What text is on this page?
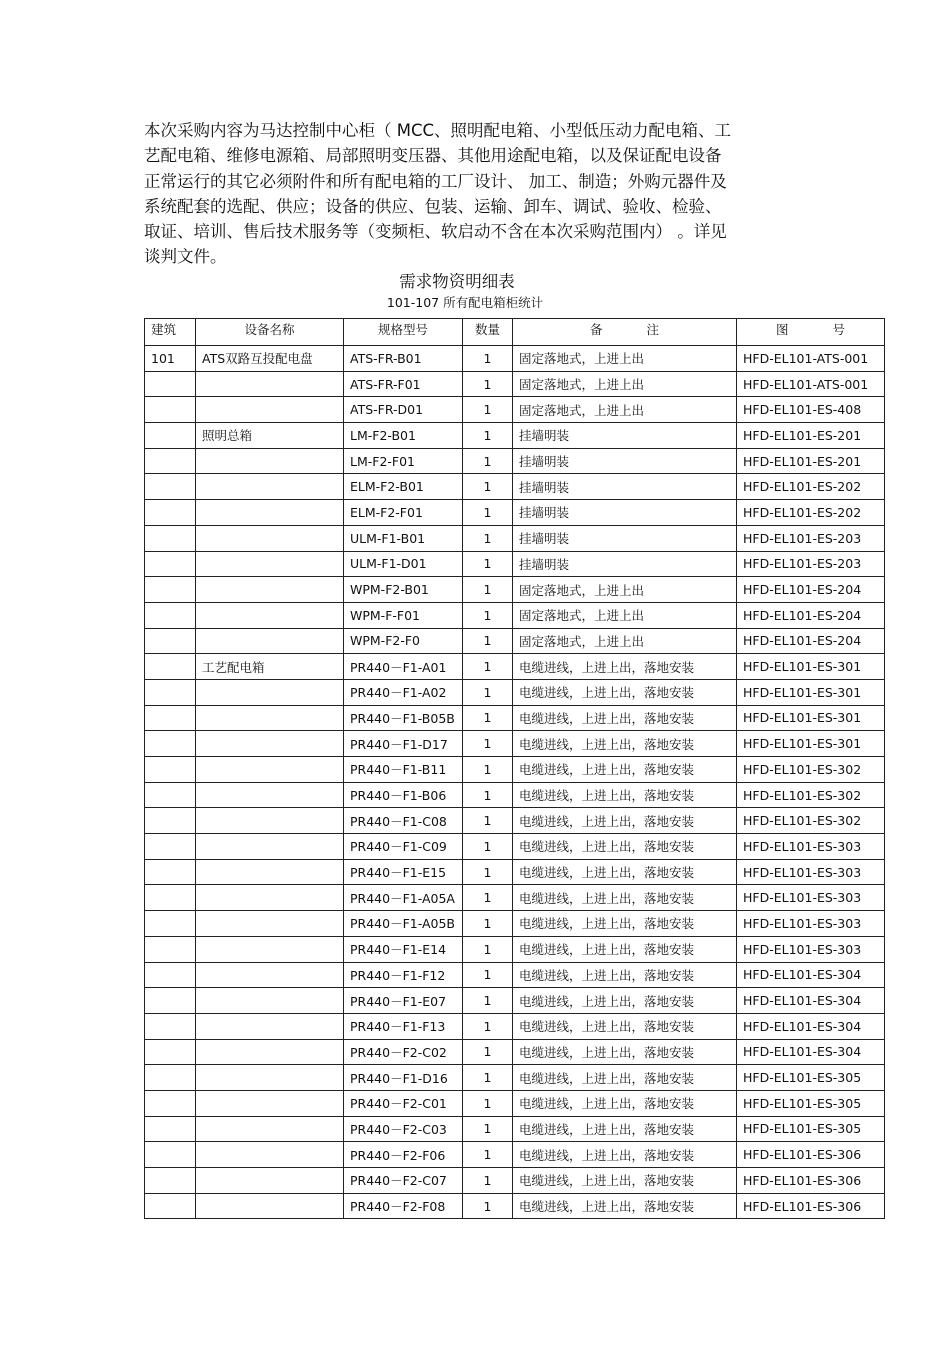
本次采购内容为马达控制中心柜（ MCC、照明配电箱、小型低压动力配电箱、工
艺配电箱、维修电源箱、局部照明变压器、其他用途配电箱，以及保证配电设备
正常运行的其它必须附件和所有配电箱的工厂设计、 加工、制造；外购元器件及
系统配套的选配、供应；设备的供应、包装、运输、卸车、调试、验收、检验、
取证、培训、售后技术服务等（变频柜、软启动不含在本次采购范围内） 。详见
谈判文件。
需求物资明细表
101-107 所有配电箱柜统计
建筑	设备名称	规格型号	数量	备 注	图 号
101	ATS双路互投配电盘	ATS-FR-B01	1	固定落地式，上进上出	HFD-EL101-ATS-001
		ATS-FR-F01	1	固定落地式，上进上出	HFD-EL101-ATS-001
		ATS-FR-D01	1	固定落地式，上进上出	HFD-EL101-ES-408
	照明总箱	LM-F2-B01	1	挂墙明装	HFD-EL101-ES-201
		LM-F2-F01	1	挂墙明装	HFD-EL101-ES-201
		ELM-F2-B01	1	挂墙明装	HFD-EL101-ES-202
		ELM-F2-F01	1	挂墙明装	HFD-EL101-ES-202
		ULM-F1-B01	1	挂墙明装	HFD-EL101-ES-203
		ULM-F1-D01	1	挂墙明装	HFD-EL101-ES-203
		WPM-F2-B01	1	固定落地式，上进上出	HFD-EL101-ES-204
		WPM-F-F01	1	固定落地式，上进上出	HFD-EL101-ES-204
		WPM-F2-F0	1	固定落地式，上进上出	HFD-EL101-ES-204
	工艺配电箱	PR440－F1-A01	1	电缆进线，上进上出，落地安装	HFD-EL101-ES-301
		PR440－F1-A02	1	电缆进线，上进上出，落地安装	HFD-EL101-ES-301
		PR440－F1-B05B	1	电缆进线，上进上出，落地安装	HFD-EL101-ES-301
		PR440－F1-D17	1	电缆进线，上进上出，落地安装	HFD-EL101-ES-301
		PR440－F1-B11	1	电缆进线，上进上出，落地安装	HFD-EL101-ES-302
		PR440－F1-B06	1	电缆进线，上进上出，落地安装	HFD-EL101-ES-302
		PR440－F1-C08	1	电缆进线，上进上出，落地安装	HFD-EL101-ES-302
		PR440－F1-C09	1	电缆进线，上进上出，落地安装	HFD-EL101-ES-303
		PR440－F1-E15	1	电缆进线，上进上出，落地安装	HFD-EL101-ES-303
		PR440－F1-A05A	1	电缆进线，上进上出，落地安装	HFD-EL101-ES-303
		PR440－F1-A05B	1	电缆进线，上进上出，落地安装	HFD-EL101-ES-303
		PR440－F1-E14	1	电缆进线，上进上出，落地安装	HFD-EL101-ES-303
		PR440－F1-F12	1	电缆进线，上进上出，落地安装	HFD-EL101-ES-304
		PR440－F1-E07	1	电缆进线，上进上出，落地安装	HFD-EL101-ES-304
		PR440－F1-F13	1	电缆进线，上进上出，落地安装	HFD-EL101-ES-304
		PR440－F2-C02	1	电缆进线，上进上出，落地安装	HFD-EL101-ES-304
		PR440－F1-D16	1	电缆进线，上进上出，落地安装	HFD-EL101-ES-305
		PR440－F2-C01	1	电缆进线，上进上出，落地安装	HFD-EL101-ES-305
		PR440－F2-C03	1	电缆进线，上进上出，落地安装	HFD-EL101-ES-305
		PR440－F2-F06	1	电缆进线，上进上出，落地安装	HFD-EL101-ES-306
		PR440－F2-C07	1	电缆进线，上进上出，落地安装	HFD-EL101-ES-306
		PR440－F2-F08	1	电缆进线，上进上出，落地安装	HFD-EL101-ES-306
